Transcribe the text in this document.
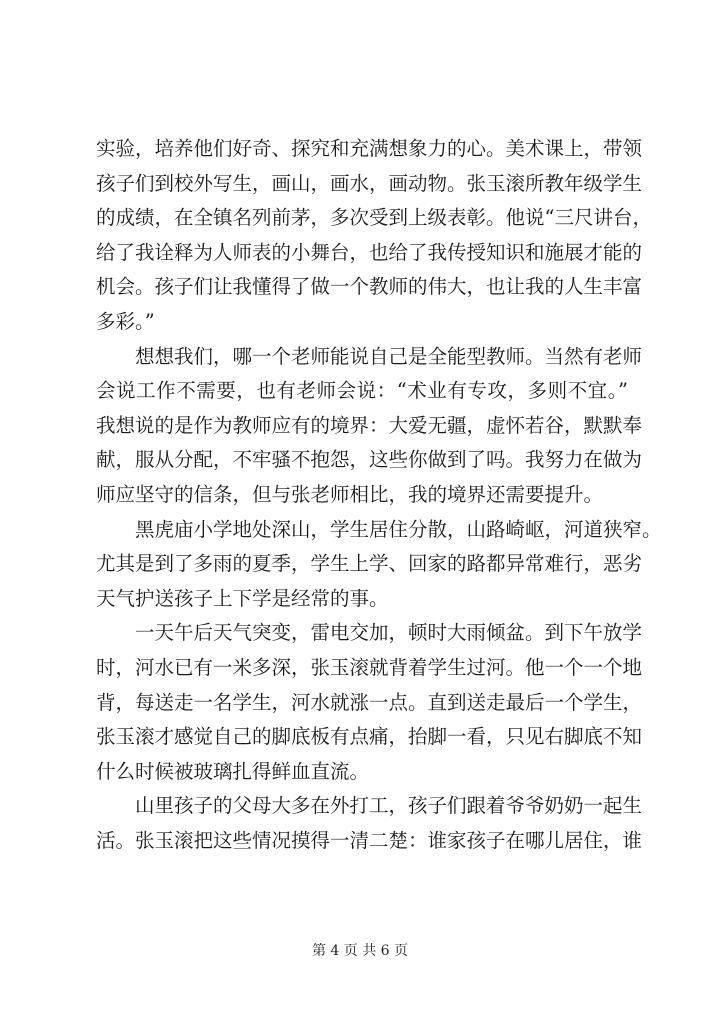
实验，培养他们好奇、探究和充满想象力的心。美术课上，带领
孩子们到校外写生，画山，画水，画动物。张玉滚所教年级学生
的成绩，在全镇名列前茅，多次受到上级表彰。他说“三尺讲台，
给了我诠释为人师表的小舞台，也给了我传授知识和施展才能的
机会。孩子们让我懂得了做一个教师的伟大，也让我的人生丰富
多彩。”

想想我们，哪一个老师能说自己是全能型教师。当然有老师
会说工作不需要，也有老师会说：“术业有专攻，多则不宜。”
我想说的是作为教师应有的境界：大爱无疆，虚怀若谷，默默奉
献，服从分配，不牢骚不抱怨，这些你做到了吗。我努力在做为
师应坚守的信条，但与张老师相比，我的境界还需要提升。

黑虎庙小学地处深山，学生居住分散，山路崎岖，河道狭窄。
尤其是到了多雨的夏季，学生上学、回家的路都异常难行，恶劣
天气护送孩子上下学是经常的事。

一天午后天气突变，雷电交加，顿时大雨倾盆。到下午放学
时，河水已有一米多深，张玉滚就背着学生过河。他一个一个地
背，每送走一名学生，河水就涨一点。直到送走最后一个学生，
张玉滚才感觉自己的脚底板有点痛，抬脚一看，只见右脚底不知
什么时候被玻璃扎得鲜血直流。

山里孩子的父母大多在外打工，孩子们跟着爷爷奶奶一起生
活。张玉滚把这些情况摸得一清二楚：谁家孩子在哪儿居住，谁

第 4 页 共 6 页
